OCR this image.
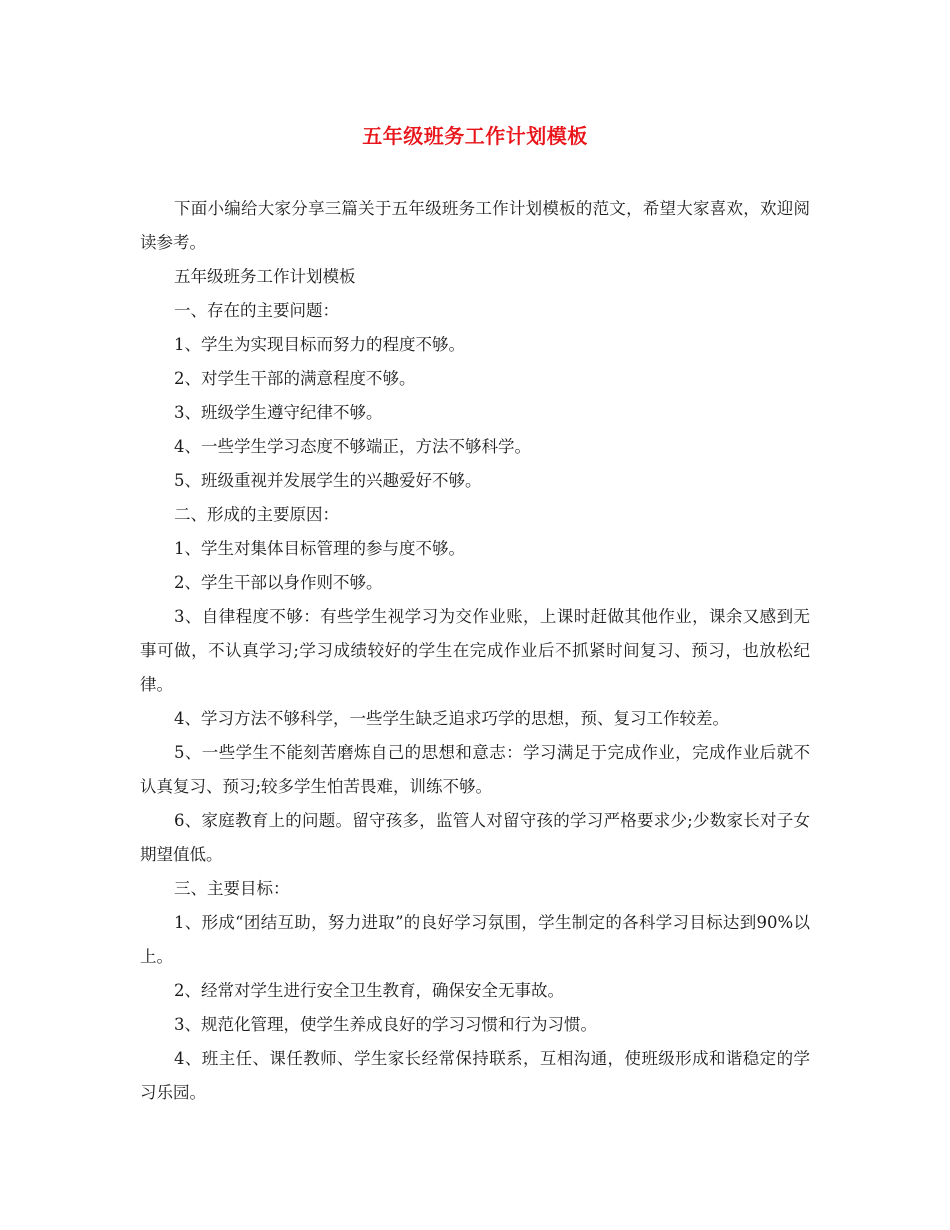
五年级班务工作计划模板

下面小编给大家分享三篇关于五年级班务工作计划模板的范文，希望大家喜欢，欢迎阅读参考。

五年级班务工作计划模板

一、存在的主要问题：

1、学生为实现目标而努力的程度不够。

2、对学生干部的满意程度不够。

3、班级学生遵守纪律不够。

4、一些学生学习态度不够端正，方法不够科学。

5、班级重视并发展学生的兴趣爱好不够。

二、形成的主要原因：

1、学生对集体目标管理的参与度不够。

2、学生干部以身作则不够。

3、自律程度不够：有些学生视学习为交作业账，上课时赶做其他作业，课余又感到无事可做，不认真学习;学习成绩较好的学生在完成作业后不抓紧时间复习、预习，也放松纪律。

4、学习方法不够科学，一些学生缺乏追求巧学的思想，预、复习工作较差。

5、一些学生不能刻苦磨炼自己的思想和意志：学习满足于完成作业，完成作业后就不认真复习、预习;较多学生怕苦畏难，训练不够。

6、家庭教育上的问题。留守孩多，监管人对留守孩的学习严格要求少;少数家长对子女期望值低。

三、主要目标：

1、形成“团结互助，努力进取”的良好学习氛围，学生制定的各科学习目标达到90%以上。

2、经常对学生进行安全卫生教育，确保安全无事故。

3、规范化管理，使学生养成良好的学习习惯和行为习惯。

4、班主任、课任教师、学生家长经常保持联系，互相沟通，使班级形成和谐稳定的学习乐园。
